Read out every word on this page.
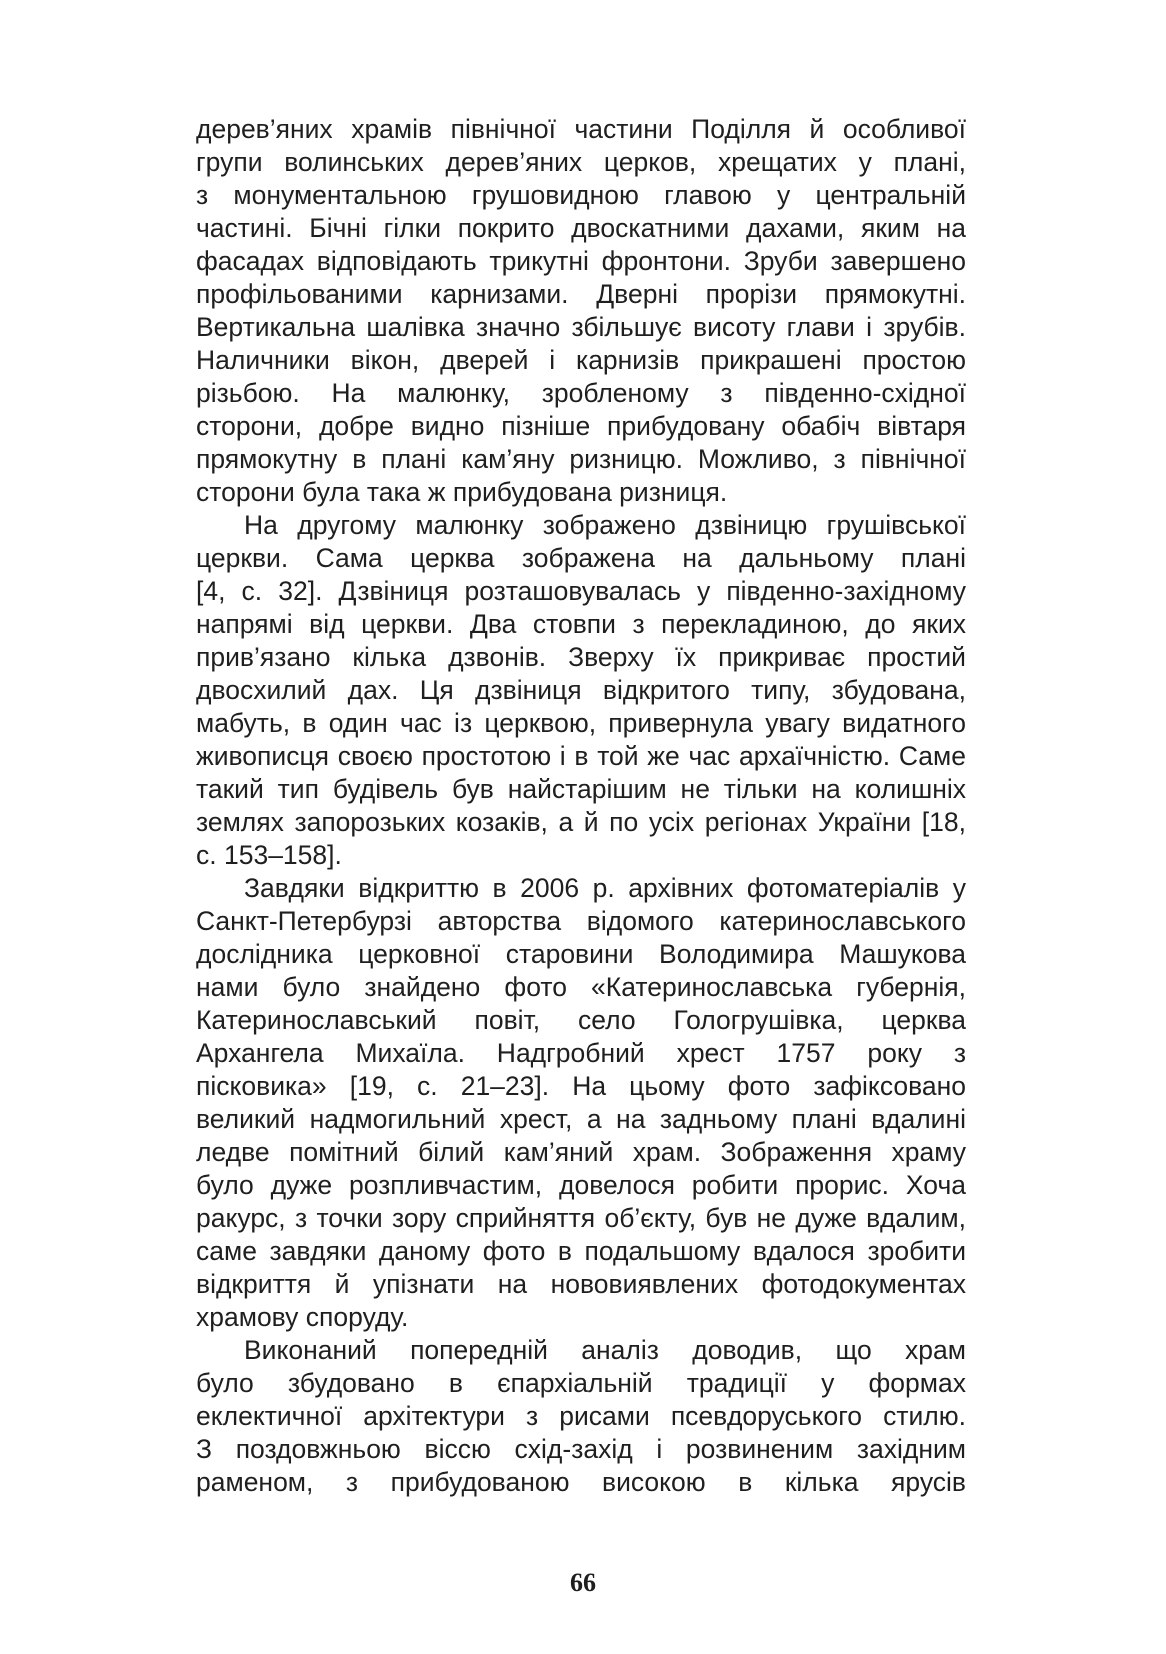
дерев’яних храмів північної частини Поділля й особливої
групи волинських дерев’яних церков, хрещатих у плані,
з монументальною грушовидною главою у центральній
частині. Бічні гілки покрито двоскатними дахами, яким на
фасадах відповідають трикутні фронтони. Зруби завершено
профільованими карнизами. Дверні прорізи прямокутні.
Вертикальна шалівка значно збільшує висоту глави і зрубів.
Наличники вікон, дверей і карнизів прикрашені простою
різьбою. На малюнку, зробленому з південно-східної
сторони, добре видно пізніше прибудовану обабіч вівтаря
прямокутну в плані кам’яну ризницю. Можливо, з північної
сторони була така ж прибудована ризниця.
На другому малюнку зображено дзвіницю грушівської
церкви. Сама церква зображена на дальньому плані
[4, с. 32]. Дзвіниця розташовувалась у південно-західному
напрямі від церкви. Два стовпи з перекладиною, до яких
прив’язано кілька дзвонів. Зверху їх прикриває простий
двосхилий дах. Ця дзвіниця відкритого типу, збудована,
мабуть, в один час із церквою, привернула увагу видатного
живописця своєю простотою і в той же час архаїчністю. Саме
такий тип будівель був найстарішим не тільки на колишніх
землях запорозьких козаків, а й по усіх регіонах України [18,
с. 153–158].
Завдяки відкриттю в 2006 р. архівних фотоматеріалів у
Санкт-Петербурзі авторства відомого катеринославського
дослідника церковної старовини Володимира Машукова
нами було знайдено фото «Катеринославська губернія,
Катеринославський повіт, село Гологрушівка, церква
Архангела Михаїла. Надгробний хрест 1757 року з
пісковика» [19, с. 21–23]. На цьому фото зафіксовано
великий надмогильний хрест, а на задньому плані вдалині
ледве помітний білий кам’яний храм. Зображення храму
було дуже розпливчастим, довелося робити прорис. Хоча
ракурс, з точки зору сприйняття об’єкту, був не дуже вдалим,
саме завдяки даному фото в подальшому вдалося зробити
відкриття й упізнати на нововиявлених фотодокументах
храмову споруду.
Виконаний попередній аналіз доводив, що храм
було збудовано в єпархіальній традиції у формах
еклектичної архітектури з рисами псевдоруського стилю.
З поздовжньою віссю схід-захід і розвиненим західним
раменом, з прибудованою високою в кілька ярусів
66
